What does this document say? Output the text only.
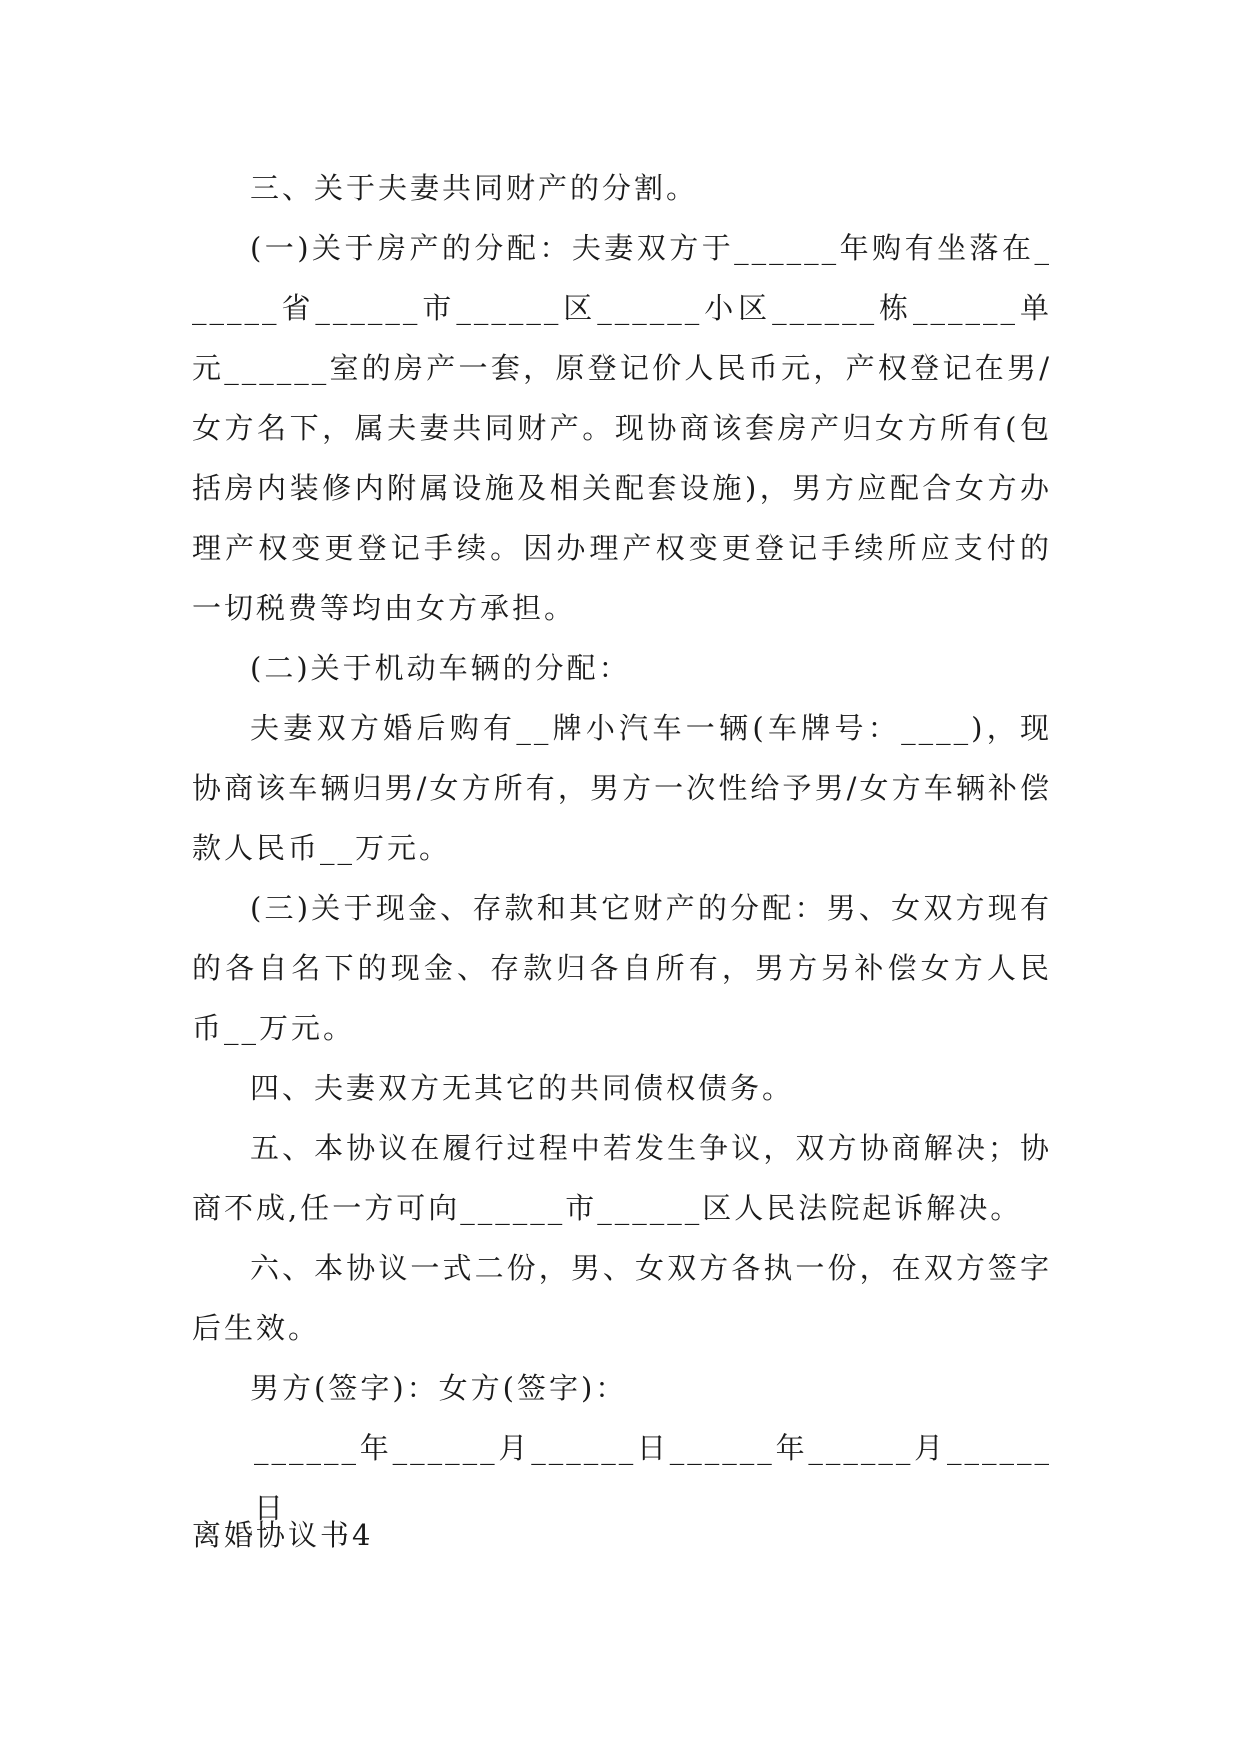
三、关于夫妻共同财产的分割。

(一)关于房产的分配：夫妻双方于______年购有坐落在______省______市______区______小区______栋______单元______室的房产一套，原登记价人民币元，产权登记在男/女方名下，属夫妻共同财产。现协商该套房产归女方所有(包括房内装修内附属设施及相关配套设施)，男方应配合女方办理产权变更登记手续。因办理产权变更登记手续所应支付的一切税费等均由女方承担。

(二)关于机动车辆的分配：

夫妻双方婚后购有__牌小汽车一辆(车牌号：____)，现协商该车辆归男/女方所有，男方一次性给予男/女方车辆补偿款人民币__万元。

(三)关于现金、存款和其它财产的分配：男、女双方现有的各自名下的现金、存款归各自所有，男方另补偿女方人民币__万元。

四、夫妻双方无其它的共同债权债务。

五、本协议在履行过程中若发生争议，双方协商解决；协商不成,任一方可向______市______区人民法院起诉解决。

六、本协议一式二份，男、女双方各执一份，在双方签字后生效。

男方(签字)：女方(签字)：

______年______月______日______年______月______日

离婚协议书4
